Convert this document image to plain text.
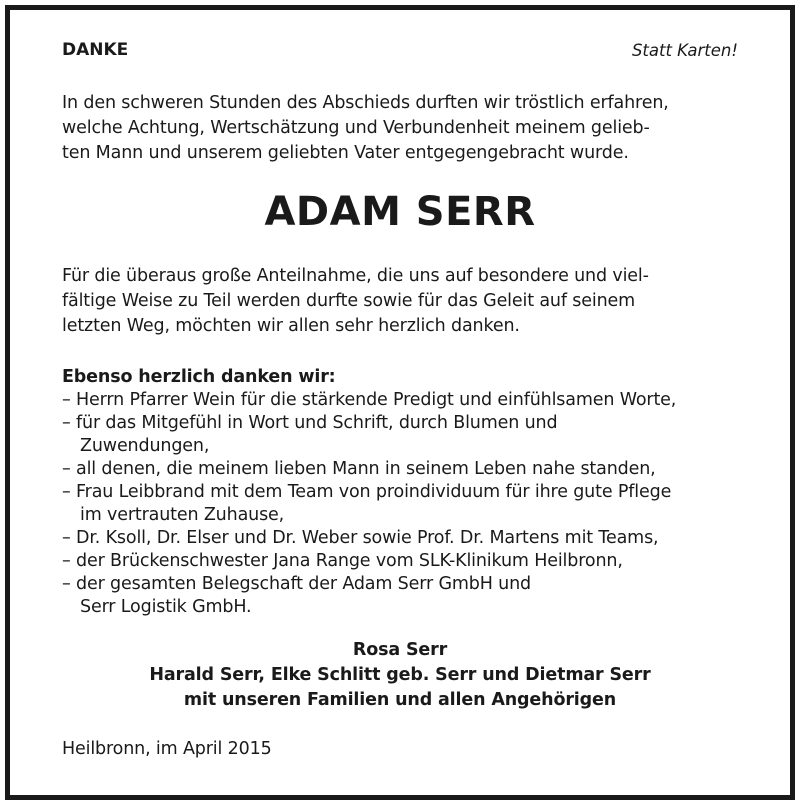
DANKE	Statt Karten!
In den schweren Stunden des Abschieds durften wir tröstlich erfahren,
welche Achtung, Wertschätzung und Verbundenheit meinem gelieb-
ten Mann und unserem geliebten Vater entgegengebracht wurde.
ADAM SERR
Für die überaus große Anteilnahme, die uns auf besondere und viel-
fältige Weise zu Teil werden durfte sowie für das Geleit auf seinem
letzten Weg, möchten wir allen sehr herzlich danken.
Ebenso herzlich danken wir:
– Herrn Pfarrer Wein für die stärkende Predigt und einfühlsamen Worte,
– für das Mitgefühl in Wort und Schrift, durch Blumen und
Zuwendungen,
– all denen, die meinem lieben Mann in seinem Leben nahe standen,
– Frau Leibbrand mit dem Team von proindividuum für ihre gute Pflege
im vertrauten Zuhause,
– Dr. Ksoll, Dr. Elser und Dr. Weber sowie Prof. Dr. Martens mit Teams,
– der Brückenschwester Jana Range vom SLK-Klinikum Heilbronn,
– der gesamten Belegschaft der Adam Serr GmbH und
Serr Logistik GmbH.
Rosa Serr
Harald Serr, Elke Schlitt geb. Serr und Dietmar Serr
mit unseren Familien und allen Angehörigen
Heilbronn, im April 2015
